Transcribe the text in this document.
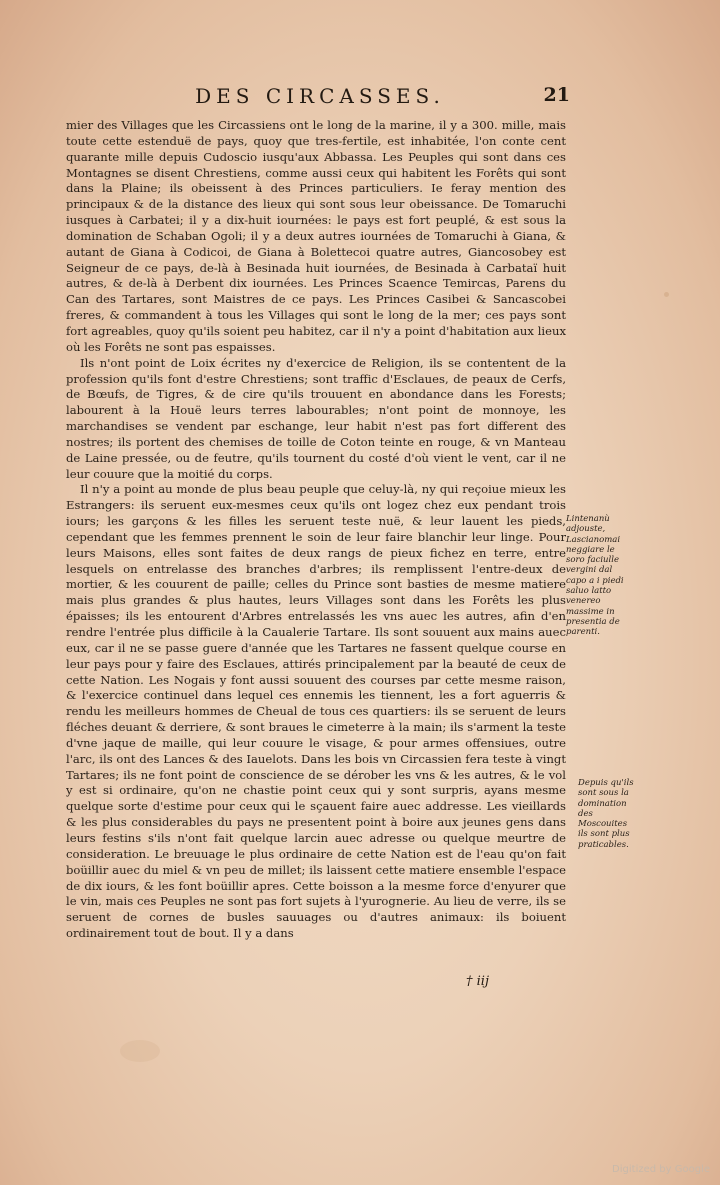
DES CIRCASSES.	21

mier des Villages que les Circassiens ont le long de la marine, il y a 300. mille, mais toute cette estenduë de pays, quoy que tres-fertile, est inhabitée, l'on conte cent quarante mille depuis Cudoscio iusqu'aux Abbassa. Les Peuples qui sont dans ces Montagnes se disent Chrestiens, comme aussi ceux qui habitent les Forêts qui sont dans la Plaine; ils obeissent à des Princes particuliers. Ie feray mention des principaux & de la distance des lieux qui sont sous leur obeissance. De Tomaruchi iusques à Carbatei; il y a dix-huit iournées: le pays est fort peuplé, & est sous la domination de Schaban Ogoli; il y a deux autres iournées de Tomaruchi à Giana, & autant de Giana à Codicoi, de Giana à Bolettecoi quatre autres, Giancosobey est Seigneur de ce pays, de-là à Besinada huit iournées, de Besinada à Carbataï huit autres, & de-là à Derbent dix iournées. Les Princes Scaence Temircas, Parens du Can des Tartares, sont Maistres de ce pays. Les Princes Casibei & Sancascobei freres, & commandent à tous les Villages qui sont le long de la mer; ces pays sont fort agreables, quoy qu'ils soient peu habitez, car il n'y a point d'habitation aux lieux où les Forêts ne sont pas espaisses.

Ils n'ont point de Loix écrites ny d'exercice de Religion, ils se contentent de la profession qu'ils font d'estre Chrestiens; sont traffic d'Esclaues, de peaux de Cerfs, de Bœufs, de Tigres, & de cire qu'ils trouuent en abondance dans les Forests; labourent à la Houë leurs terres labourables; n'ont point de monnoye, les marchandises se vendent par eschange, leur habit n'est pas fort different des nostres; ils portent des chemises de toille de Coton teinte en rouge, & vn Manteau de Laine pressée, ou de feutre, qu'ils tournent du costé d'où vient le vent, car il ne leur couure que la moitié du corps.

Il n'y a point au monde de plus beau peuple que celuy-là, ny qui reçoiue mieux les Estrangers: ils seruent eux-mesmes ceux qu'ils ont logez chez eux pendant trois iours; les garçons & les filles les seruent teste nuë, & leur lauent les pieds, cependant que les femmes prennent le soin de leur faire blanchir leur linge. Pour leurs Maisons, elles sont faites de deux rangs de pieux fichez en terre, entre lesquels on entrelasse des branches d'arbres; ils remplissent l'entre-deux de mortier, & les couurent de paille; celles du Prince sont basties de mesme matiere mais plus grandes & plus hautes, leurs Villages sont dans les Forêts les plus épaisses; ils les entourent d'Arbres entrelassés les vns auec les autres, afin d'en rendre l'entrée plus difficile à la Caualerie Tartare. Ils sont souuent aux mains auec eux, car il ne se passe guere d'année que les Tartares ne fassent quelque course en leur pays pour y faire des Esclaues, attirés principalement par la beauté de ceux de cette Nation. Les Nogais y font aussi souuent des courses par cette mesme raison, & l'exercice continuel dans lequel ces ennemis les tiennent, les a fort aguerris & rendu les meilleurs hommes de Cheual de tous ces quartiers: ils se seruent de leurs fléches deuant & derriere, & sont braues le cimeterre à la main; ils s'arment la teste d'vne jaque de maille, qui leur couure le visage, & pour armes offensiues, outre l'arc, ils ont des Lances & des Iauelots. Dans les bois vn Circassien fera teste à vingt Tartares; ils ne font point de conscience de se dérober les vns & les autres, & le vol y est si ordinaire, qu'on ne chastie point ceux qui y sont surpris, ayans mesme quelque sorte d'estime pour ceux qui le sçauent faire auec addresse. Les vieillards & les plus considerables du pays ne presentent point à boire aux jeunes gens dans leurs festins s'ils n'ont fait quelque larcin auec adresse ou quelque meurtre de consideration. Le breuuage le plus ordinaire de cette Nation est de l'eau qu'on fait boüillir auec du miel & vn peu de millet; ils laissent cette matiere ensemble l'espace de dix iours, & les font boüillir apres. Cette boisson a la mesme force d'enyurer que le vin, mais ces Peuples ne sont pas fort sujets à l'yurognerie. Au lieu de verre, ils se seruent de cornes de busles sauuages ou d'autres animaux: ils boiuent ordinairement tout de bout. Il y a dans

Lintenanù adjouste, Lascianomai neggiare le soro faciulle vergini dal capo a i piedi saluo latto venereo massime in presentia de parenti.
Depuis qu'ils sont sous la domination des Moscouites ils sont plus praticables.
† iij
Digitized by Google
